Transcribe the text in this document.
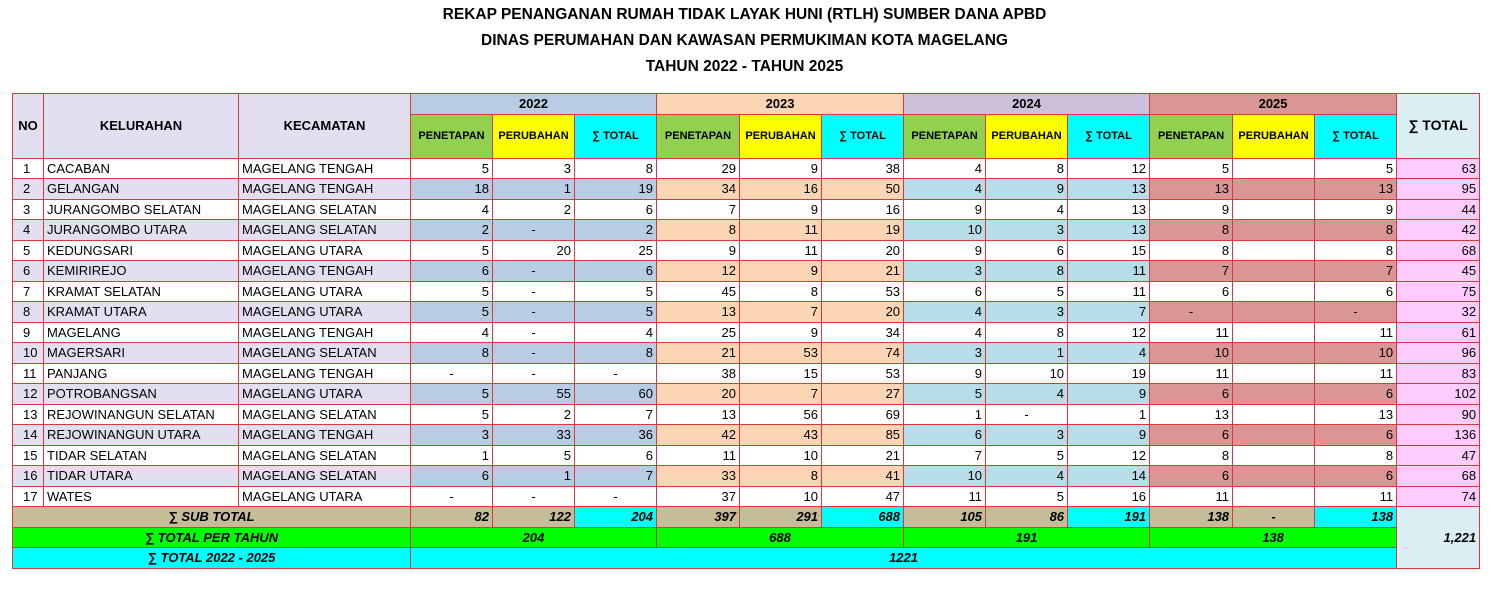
REKAP PENANGANAN RUMAH TIDAK LAYAK HUNI (RTLH) SUMBER DANA APBD
DINAS PERUMAHAN DAN KAWASAN PERMUKIMAN KOTA MAGELANG
TAHUN 2022 - TAHUN 2025
NO	KELURAHAN	KECAMATAN	2022			2023			2024			2025			∑ TOTAL
			PENETAPAN	PERUBAHAN	∑ TOTAL	PENETAPAN	PERUBAHAN	∑ TOTAL	PENETAPAN	PERUBAHAN	∑ TOTAL	PENETAPAN	PERUBAHAN	∑ TOTAL	
1	CACABAN	MAGELANG TENGAH	5	3	8	29	9	38	4	8	12	5		5	63
2	GELANGAN	MAGELANG TENGAH	18	1	19	34	16	50	4	9	13	13		13	95
3	JURANGOMBO SELATAN	MAGELANG SELATAN	4	2	6	7	9	16	9	4	13	9		9	44
4	JURANGOMBO UTARA	MAGELANG SELATAN	2	-	2	8	11	19	10	3	13	8		8	42
5	KEDUNGSARI	MAGELANG UTARA	5	20	25	9	11	20	9	6	15	8		8	68
6	KEMIRIREJO	MAGELANG TENGAH	6	-	6	12	9	21	3	8	11	7		7	45
7	KRAMAT SELATAN	MAGELANG UTARA	5	-	5	45	8	53	6	5	11	6		6	75
8	KRAMAT UTARA	MAGELANG UTARA	5	-	5	13	7	20	4	3	7	-		-	32
9	MAGELANG	MAGELANG TENGAH	4	-	4	25	9	34	4	8	12	11		11	61
10	MAGERSARI	MAGELANG SELATAN	8	-	8	21	53	74	3	1	4	10		10	96
11	PANJANG	MAGELANG TENGAH	-	-	-	38	15	53	9	10	19	11		11	83
12	POTROBANGSAN	MAGELANG UTARA	5	55	60	20	7	27	5	4	9	6		6	102
13	REJOWINANGUN SELATAN	MAGELANG SELATAN	5	2	7	13	56	69	1	-	1	13		13	90
14	REJOWINANGUN UTARA	MAGELANG TENGAH	3	33	36	42	43	85	6	3	9	6		6	136
15	TIDAR SELATAN	MAGELANG SELATAN	1	5	6	11	10	21	7	5	12	8		8	47
16	TIDAR UTARA	MAGELANG SELATAN	6	1	7	33	8	41	10	4	14	6		6	68
17	WATES	MAGELANG UTARA	-	-	-	37	10	47	11	5	16	11		11	74
∑ SUB TOTAL			82	122	204	397	291	688	105	86	191	138	-	138	1,221
∑ TOTAL PER TAHUN			204			688			191			138			
∑ TOTAL 2022 - 2025			1221												
